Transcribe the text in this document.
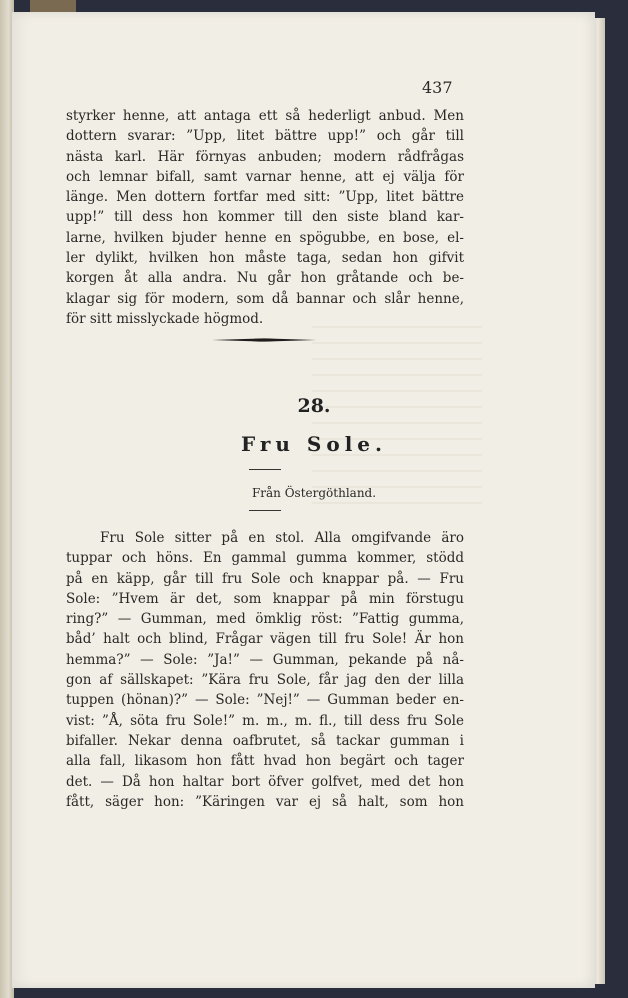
437
styrker henne, att antaga ett så hederligt anbud. Men
dottern svarar: ”Upp, litet bättre upp!” och går till
nästa karl. Här förnyas anbuden; modern rådfrågas
och lemnar bifall, samt varnar henne, att ej välja för
länge. Men dottern fortfar med sitt: ”Upp, litet bättre
upp!” till dess hon kommer till den siste bland kar-
larne, hvilken bjuder henne en spögubbe, en bose, el-
ler dylikt, hvilken hon måste taga, sedan hon gifvit
korgen åt alla andra. Nu går hon gråtande och be-
klagar sig för modern, som då bannar och slår henne,
för sitt misslyckade högmod.
28.
Fru Sole.
Från Östergöthland.
Fru Sole sitter på en stol. Alla omgifvande äro
tuppar och höns. En gammal gumma kommer, stödd
på en käpp, går till fru Sole och knappar på. — Fru
Sole: ”Hvem är det, som knappar på min förstugu
ring?” — Gumman, med ömklig röst: ”Fattig gumma,
båd’ halt och blind, Frågar vägen till fru Sole! Är hon
hemma?” — Sole: ”Ja!” — Gumman, pekande på nå-
gon af sällskapet: ”Kära fru Sole, får jag den der lilla
tuppen (hönan)?” — Sole: ”Nej!” — Gumman beder en-
vist: ”Å, söta fru Sole!” m. m., m. fl., till dess fru Sole
bifaller. Nekar denna oafbrutet, så tackar gumman i
alla fall, likasom hon fått hvad hon begärt och tager
det. — Då hon haltar bort öfver golfvet, med det hon
fått, säger hon: ”Käringen var ej så halt, som hon
